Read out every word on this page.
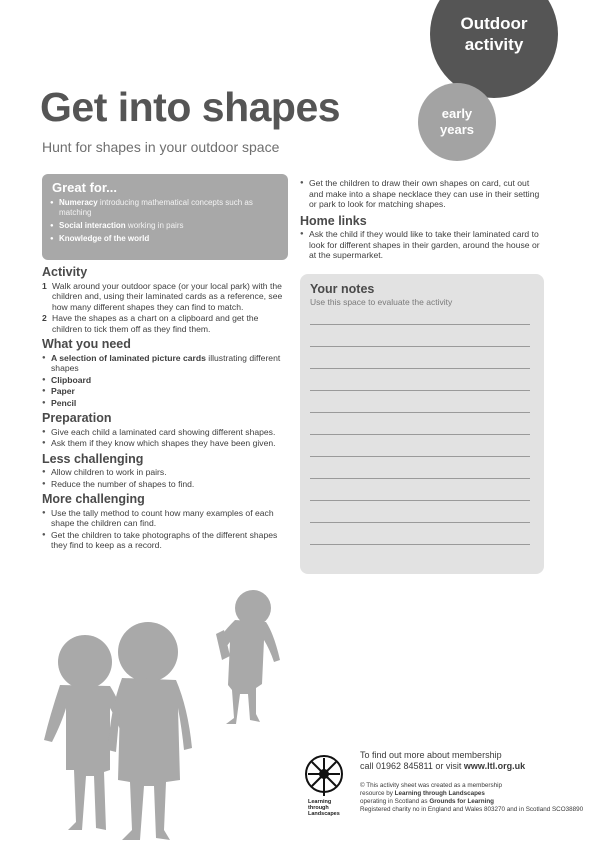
Outdoor
activity
early
years
Get into shapes
Hunt for shapes in your outdoor space
Great for...
● Numeracy introducing mathematical concepts such as matching
● Social interaction working in pairs
● Knowledge of the world
Activity
1 Walk around your outdoor space (or your local park) with the children and, using their laminated cards as a reference, see how many different shapes they can find to match.
2 Have the shapes as a chart on a clipboard and get the children to tick them off as they find them.
What you need
● A selection of laminated picture cards illustrating different shapes
● Clipboard
● Paper
● Pencil
Preparation
● Give each child a laminated card showing different shapes.
● Ask them if they know which shapes they have been given.
Less challenging
● Allow children to work in pairs.
● Reduce the number of shapes to find.
More challenging
● Use the tally method to count how many examples of each shape the children can find.
● Get the children to take photographs of the different shapes they find to keep as a record.
● Get the children to draw their own shapes on card, cut out and make into a shape necklace they can use in their setting or park to look for matching shapes.
Home links
● Ask the child if they would like to take their laminated card to look for different shapes in their garden, around the house or at the supermarket.
Your notes

Use this space to evaluate the activity

Learning
through
Landscapes
To find out more about membership
call 01962 845811 or visit www.ltl.org.uk
© This activity sheet was created as a membership
resource by Learning through Landscapes
operating in Scotland as Grounds for Learning
Registered charity no in England and Wales 803270 and in Scotland SCO38890
